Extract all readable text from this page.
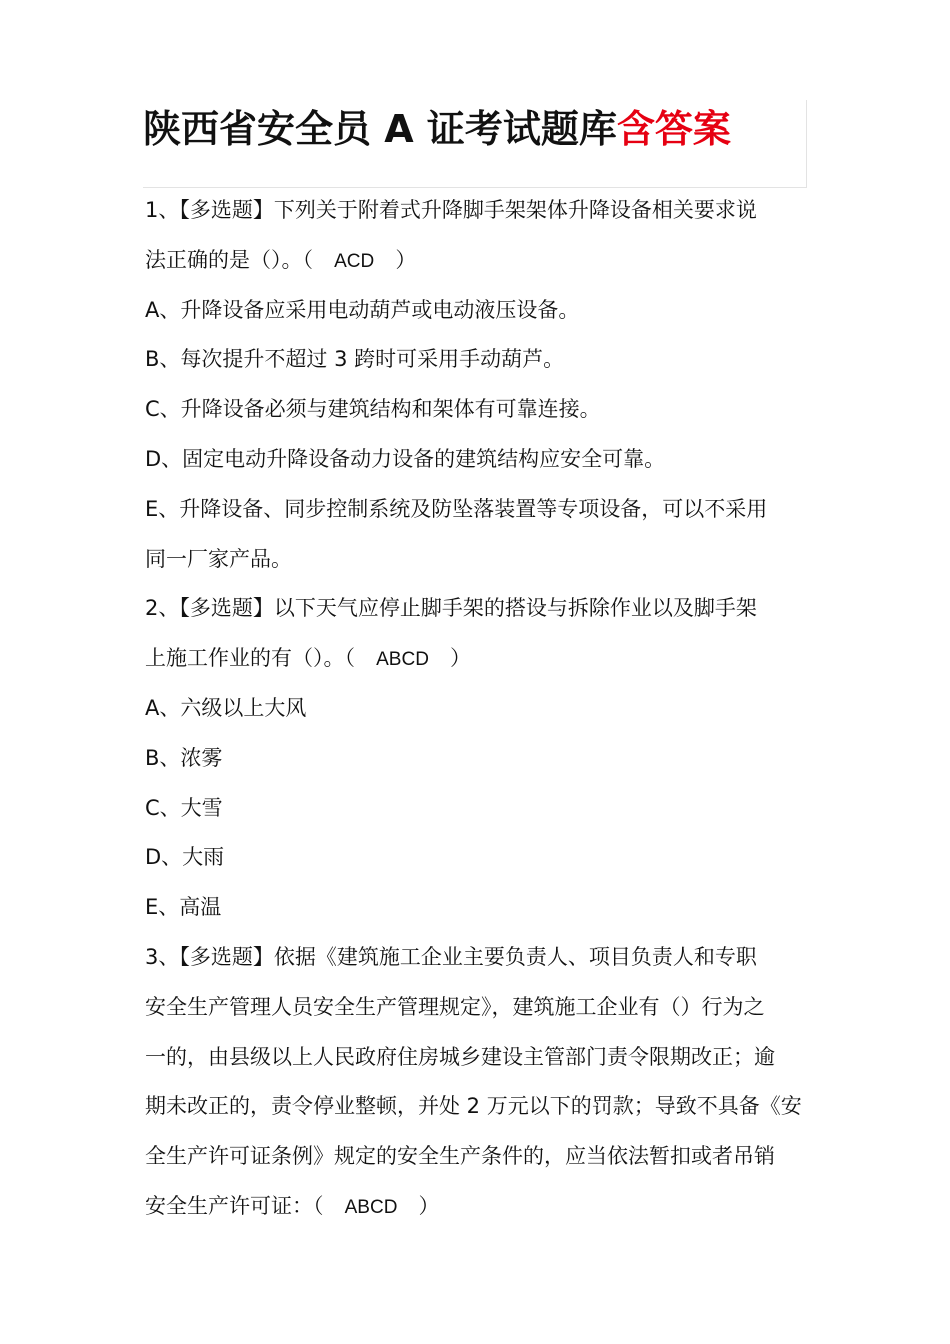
陕西省安全员 A 证考试题库含答案

1、【多选题】下列关于附着式升降脚手架架体升降设备相关要求说

法正确的是（）。（ ACD ）

A、升降设备应采用电动葫芦或电动液压设备。

B、每次提升不超过 3 跨时可采用手动葫芦。

C、升降设备必须与建筑结构和架体有可靠连接。

D、固定电动升降设备动力设备的建筑结构应安全可靠。

E、升降设备、同步控制系统及防坠落装置等专项设备，可以不采用

同一厂家产品。

2、【多选题】以下天气应停止脚手架的搭设与拆除作业以及脚手架

上施工作业的有（）。（ ABCD ）

A、六级以上大风

B、浓雾

C、大雪

D、大雨

E、高温

3、【多选题】依据《建筑施工企业主要负责人、项目负责人和专职

安全生产管理人员安全生产管理规定》，建筑施工企业有（）行为之

一的，由县级以上人民政府住房城乡建设主管部门责令限期改正；逾

期未改正的，责令停业整顿，并处 2 万元以下的罚款；导致不具备《安

全生产许可证条例》规定的安全生产条件的，应当依法暂扣或者吊销

安全生产许可证：（ ABCD ）
